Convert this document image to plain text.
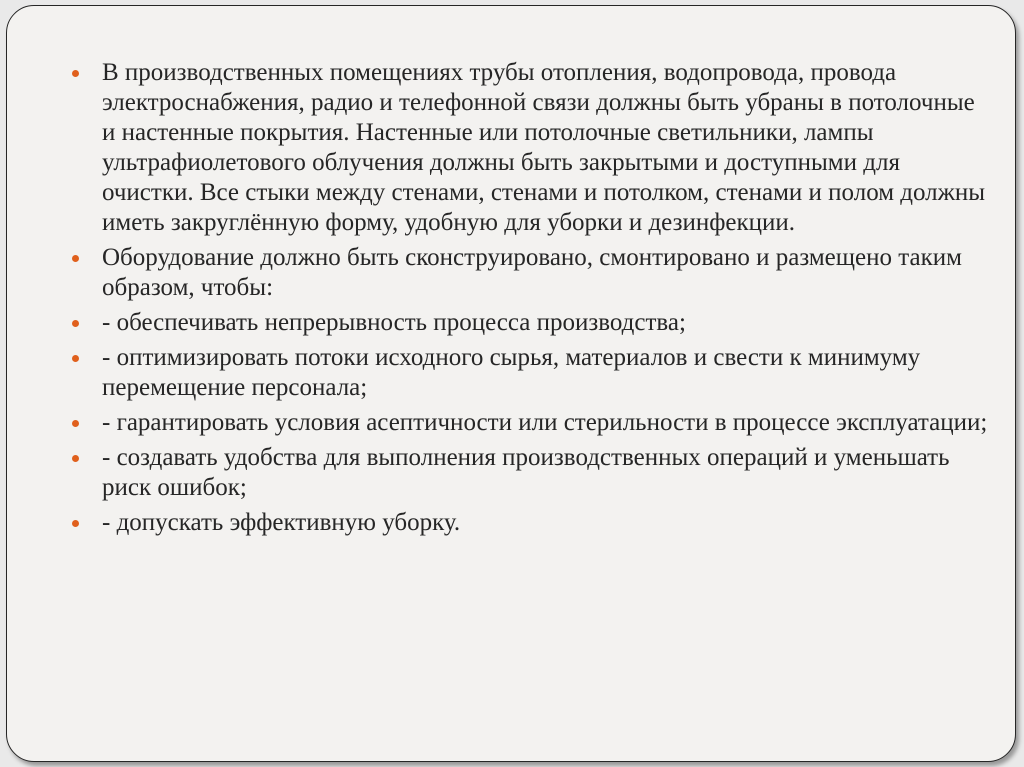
В производственных помещениях трубы отопления, водопровода, провода электроснабжения, радио и телефонной связи должны быть убраны в потолочные и настенные покрытия. Настенные или потолочные светильники, лампы ультрафиолетового облучения должны быть закрытыми и доступными для очистки. Все стыки между стенами, стенами и потолком, стенами и полом должны иметь закруглённую форму, удобную для уборки и дезинфекции.
Оборудование должно быть сконструировано, смонтировано и размещено таким образом, чтобы:
- обеспечивать непрерывность процесса производства;
- оптимизировать потоки исходного сырья, материалов и свести к минимуму перемещение персонала;
- гарантировать условия асептичности или стерильности в процессе эксплуатации;
- создавать удобства для выполнения производственных операций и уменьшать риск ошибок;
- допускать эффективную уборку.
